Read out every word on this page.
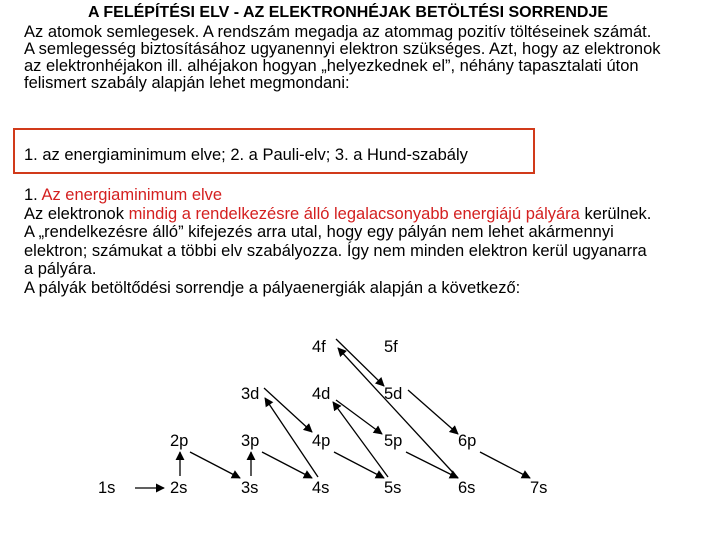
A FELÉPÍTÉSI ELV - AZ ELEKTRONHÉJAK BETÖLTÉSI SORRENDJE
Az atomok semlegesek. A rendszám megadja az atommag pozitív töltéseinek számát.
A semlegesség biztosításához ugyanennyi elektron szükséges. Azt, hogy az elektronok
az elektronhéjakon ill. alhéjakon hogyan „helyezkednek el”, néhány tapasztalati úton
felismert szabály alapján lehet megmondani:
1. az energiaminimum elve; 2. a Pauli-elv; 3. a Hund-szabály
1. Az energiaminimum elve
Az elektronok mindig a rendelkezésre álló legalacsonyabb energiájú pályára kerülnek.
A „rendelkezésre álló” kifejezés arra utal, hogy egy pályán nem lehet akármennyi
elektron; számukat a többi elv szabályozza. Így nem minden elektron kerül ugyanarra
a pályára.
A pályák betöltődési sorrendje a pályaenergiák alapján a következő:
4f	5f
3d	4d	5d
2p	3p	4p	5p	6p
1s	2s	3s	4s	5s	6s	7s
